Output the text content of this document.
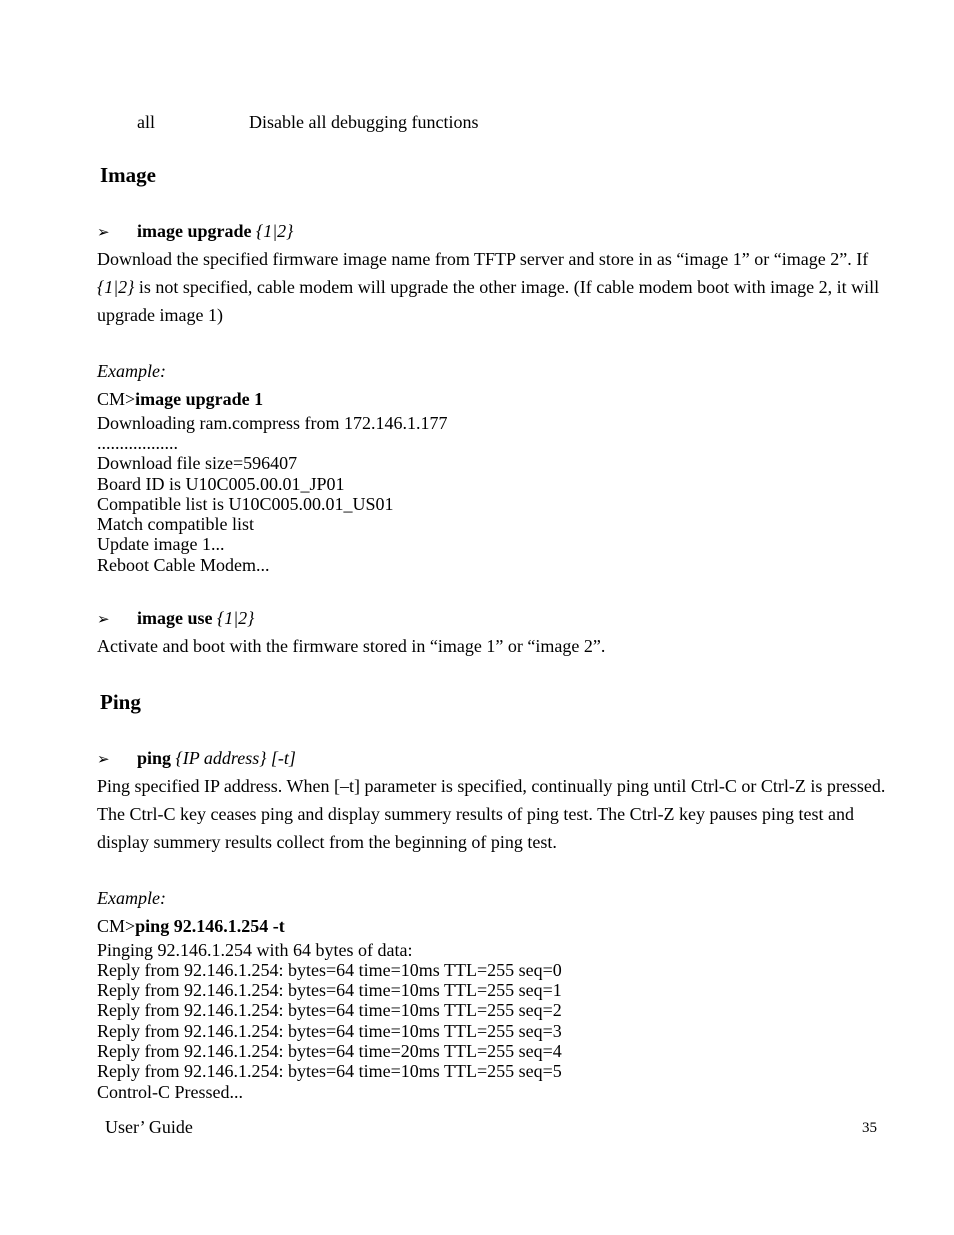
all	Disable all debugging functions
Image
➢ image upgrade {1|2}
Download the specified firmware image name from TFTP server and store in as “image 1” or “image 2”. If {1|2} is not specified, cable modem will upgrade the other image. (If cable modem boot with image 2, it will upgrade image 1)
Example:
CM>image upgrade 1
Downloading ram.compress from 172.146.1.177
..................
Download file size=596407
Board ID is U10C005.00.01_JP01
Compatible list is U10C005.00.01_US01
Match compatible list
Update image 1...
Reboot Cable Modem...
➢ image use {1|2}
Activate and boot with the firmware stored in “image 1” or “image 2”.
Ping
➢ ping {IP address} [-t]
Ping specified IP address. When [–t] parameter is specified, continually ping until Ctrl-C or Ctrl-Z is pressed. The Ctrl-C key ceases ping and display summery results of ping test. The Ctrl-Z key pauses ping test and display summery results collect from the beginning of ping test.
Example:
CM>ping 92.146.1.254 -t
Pinging 92.146.1.254 with 64 bytes of data:
Reply from 92.146.1.254: bytes=64 time=10ms TTL=255 seq=0
Reply from 92.146.1.254: bytes=64 time=10ms TTL=255 seq=1
Reply from 92.146.1.254: bytes=64 time=10ms TTL=255 seq=2
Reply from 92.146.1.254: bytes=64 time=10ms TTL=255 seq=3
Reply from 92.146.1.254: bytes=64 time=20ms TTL=255 seq=4
Reply from 92.146.1.254: bytes=64 time=10ms TTL=255 seq=5
Control-C Pressed...
User’ Guide	35
